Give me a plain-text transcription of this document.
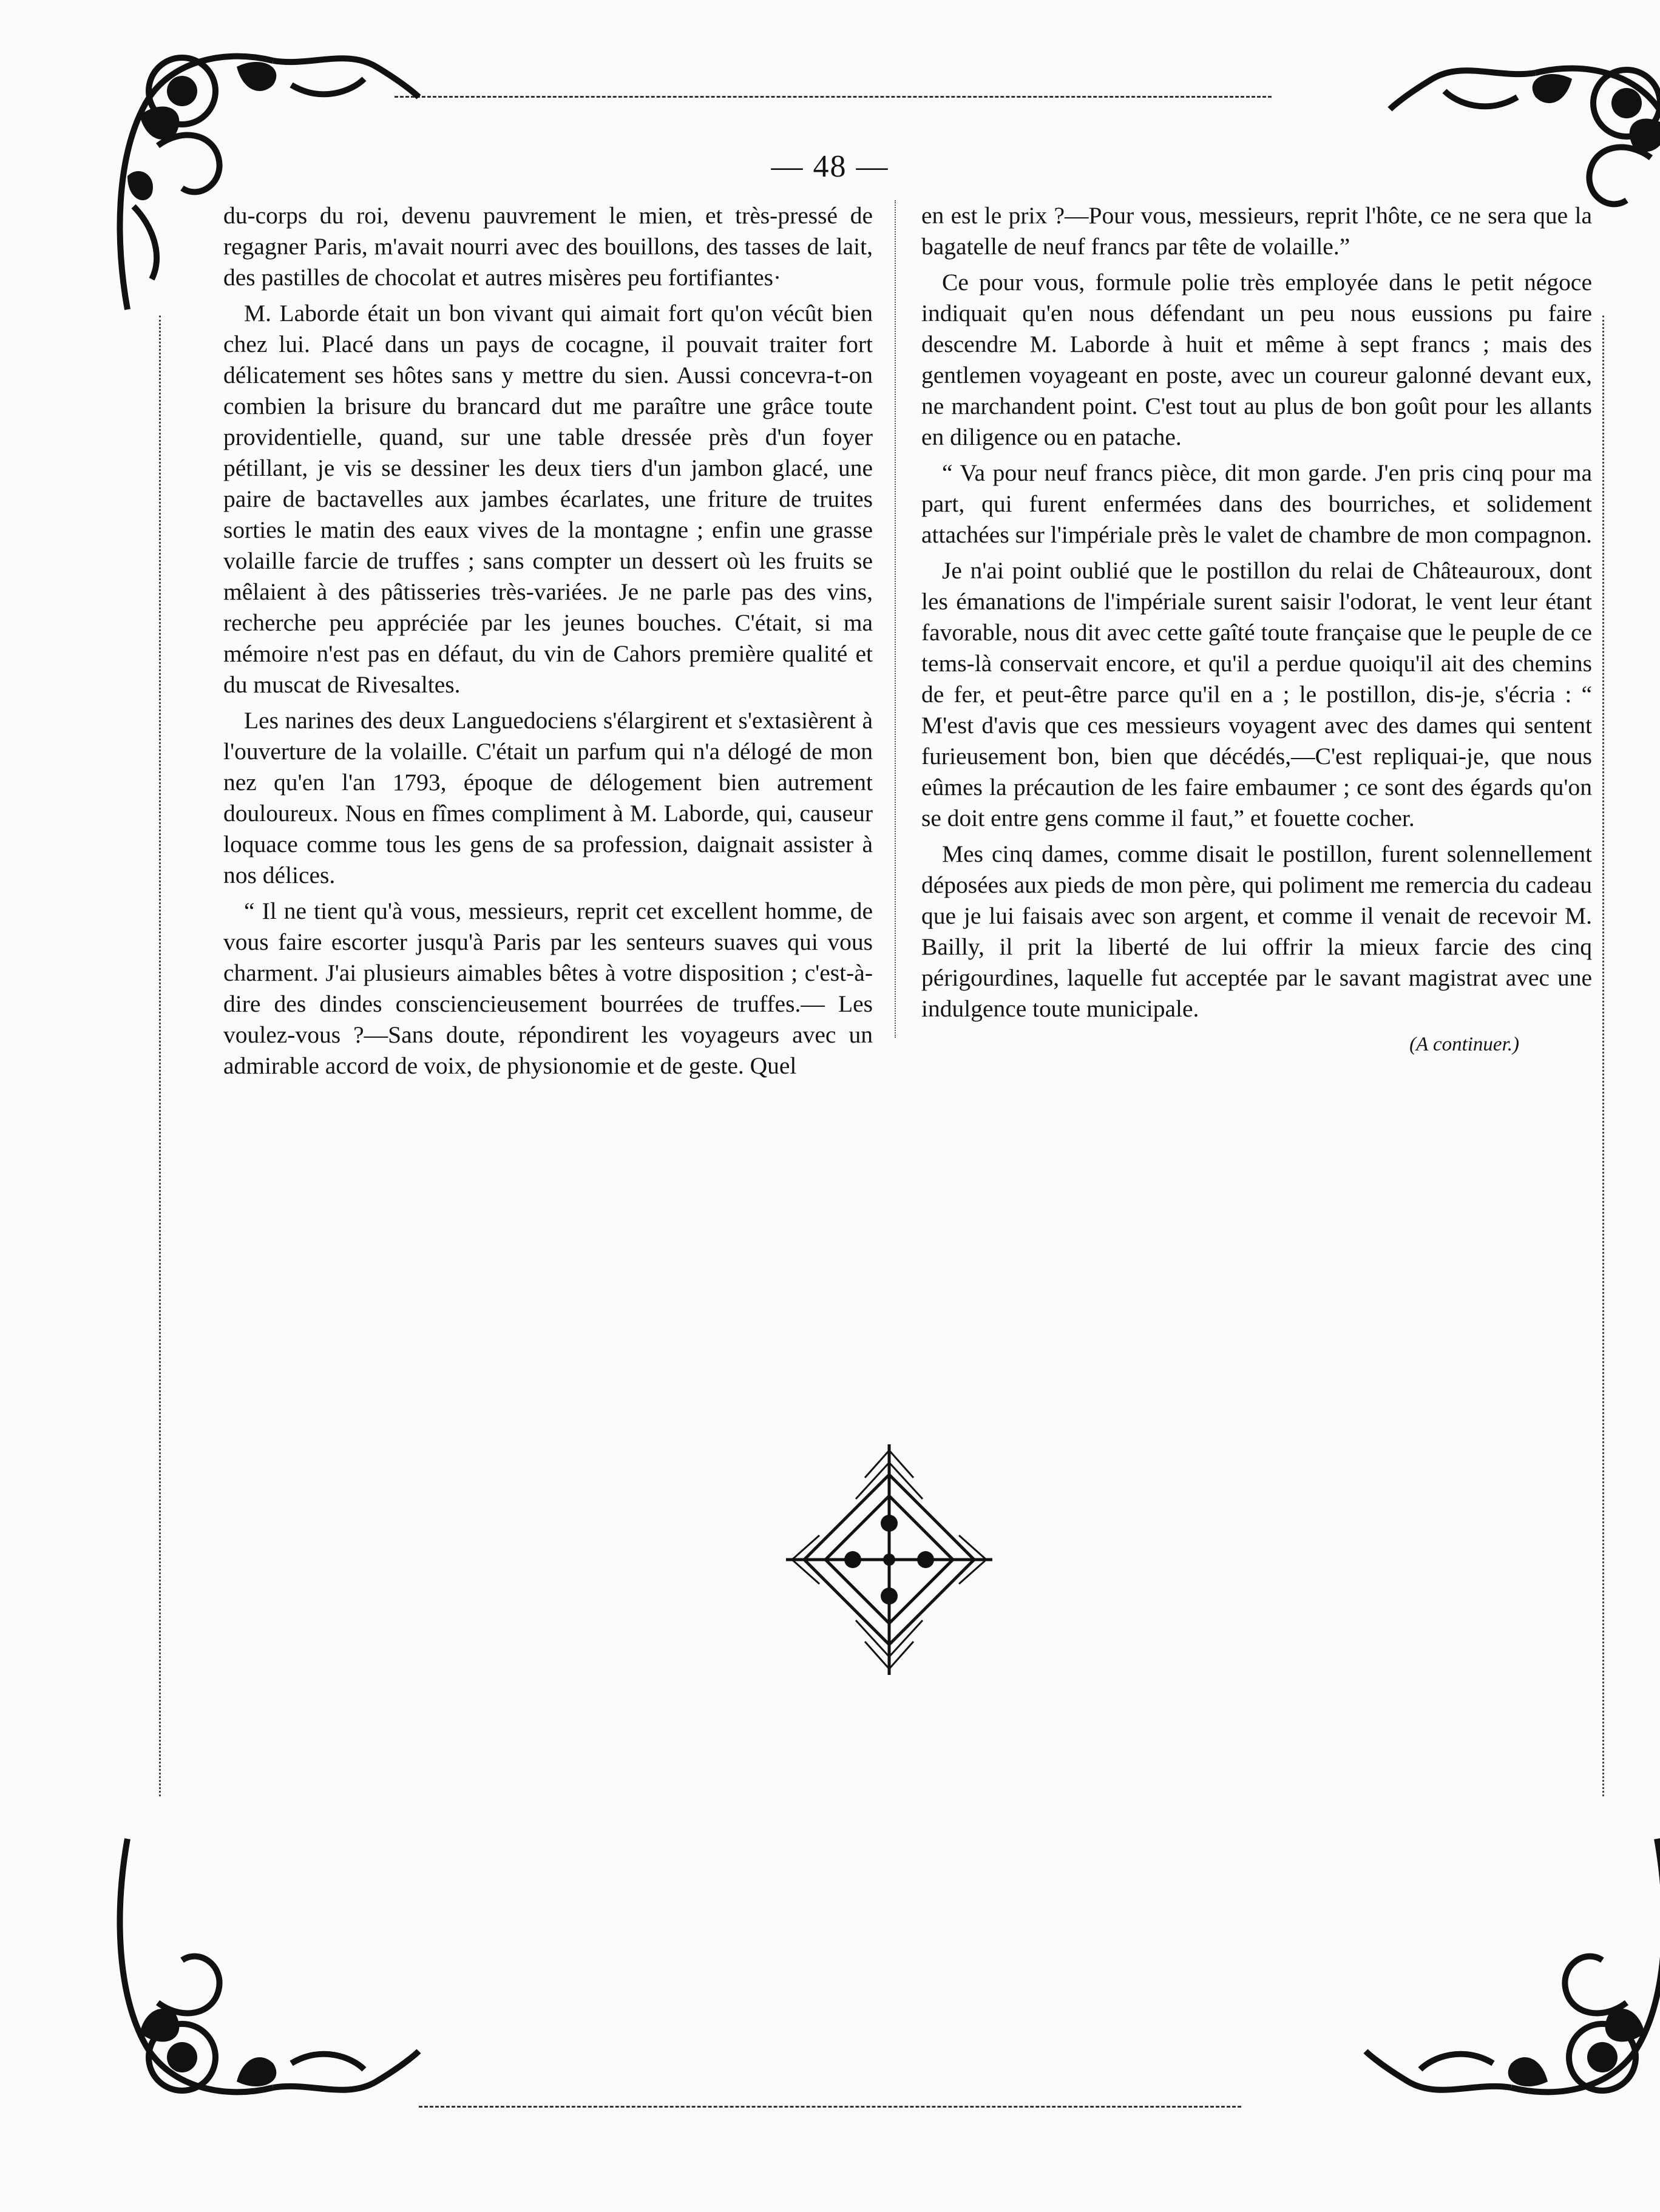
— 48 —

du-corps du roi, devenu pauvrement le mien, et très-pressé de regagner Paris, m'avait nourri avec des bouillons, des tasses de lait, des pastilles de chocolat et autres misères peu fortifiantes·

M. Laborde était un bon vivant qui aimait fort qu'on vécût bien chez lui. Placé dans un pays de cocagne, il pouvait traiter fort délicatement ses hôtes sans y mettre du sien. Aussi concevra-t-on combien la brisure du brancard dut me paraître une grâce toute providentielle, quand, sur une table dressée près d'un foyer pétillant, je vis se dessiner les deux tiers d'un jambon glacé, une paire de bactavelles aux jambes écarlates, une friture de truites sorties le matin des eaux vives de la montagne ; enfin une grasse volaille farcie de truffes ; sans compter un dessert où les fruits se mêlaient à des pâtisseries très-variées. Je ne parle pas des vins, recherche peu appréciée par les jeunes bouches. C'était, si ma mémoire n'est pas en défaut, du vin de Cahors première qualité et du muscat de Rivesaltes.

Les narines des deux Languedociens s'élargirent et s'extasièrent à l'ouverture de la volaille. C'était un parfum qui n'a délogé de mon nez qu'en l'an 1793, époque de délogement bien autrement douloureux. Nous en fîmes compliment à M. Laborde, qui, causeur loquace comme tous les gens de sa profession, daignait assister à nos délices.

“ Il ne tient qu'à vous, messieurs, reprit cet excellent homme, de vous faire escorter jusqu'à Paris par les senteurs suaves qui vous charment. J'ai plusieurs aimables bêtes à votre disposition ; c'est-à-dire des dindes consciencieusement bourrées de truffes.— Les voulez-vous ?—Sans doute, répondirent les voyageurs avec un admirable accord de voix, de physionomie et de geste. Quel

en est le prix ?—Pour vous, messieurs, reprit l'hôte, ce ne sera que la bagatelle de neuf francs par tête de volaille.”

Ce pour vous, formule polie très employée dans le petit négoce indiquait qu'en nous défendant un peu nous eussions pu faire descendre M. Laborde à huit et même à sept francs ; mais des gentlemen voyageant en poste, avec un coureur galonné devant eux, ne marchandent point. C'est tout au plus de bon goût pour les allants en diligence ou en patache.

“ Va pour neuf francs pièce, dit mon garde. J'en pris cinq pour ma part, qui furent enfermées dans des bourriches, et solidement attachées sur l'impériale près le valet de chambre de mon compagnon.

Je n'ai point oublié que le postillon du relai de Châteauroux, dont les émanations de l'impériale surent saisir l'odorat, le vent leur étant favorable, nous dit avec cette gaîté toute française que le peuple de ce tems-là conservait encore, et qu'il a perdue quoiqu'il ait des chemins de fer, et peut-être parce qu'il en a ; le postillon, dis-je, s'écria : “ M'est d'avis que ces messieurs voyagent avec des dames qui sentent furieusement bon, bien que décédés,—C'est repliquai-je, que nous eûmes la précaution de les faire embaumer ; ce sont des égards qu'on se doit entre gens comme il faut,” et fouette cocher.

Mes cinq dames, comme disait le postillon, furent solennellement déposées aux pieds de mon père, qui poliment me remercia du cadeau que je lui faisais avec son argent, et comme il venait de recevoir M. Bailly, il prit la liberté de lui offrir la mieux farcie des cinq périgourdines, laquelle fut acceptée par le savant magistrat avec une indulgence toute municipale.

(A continuer.)
